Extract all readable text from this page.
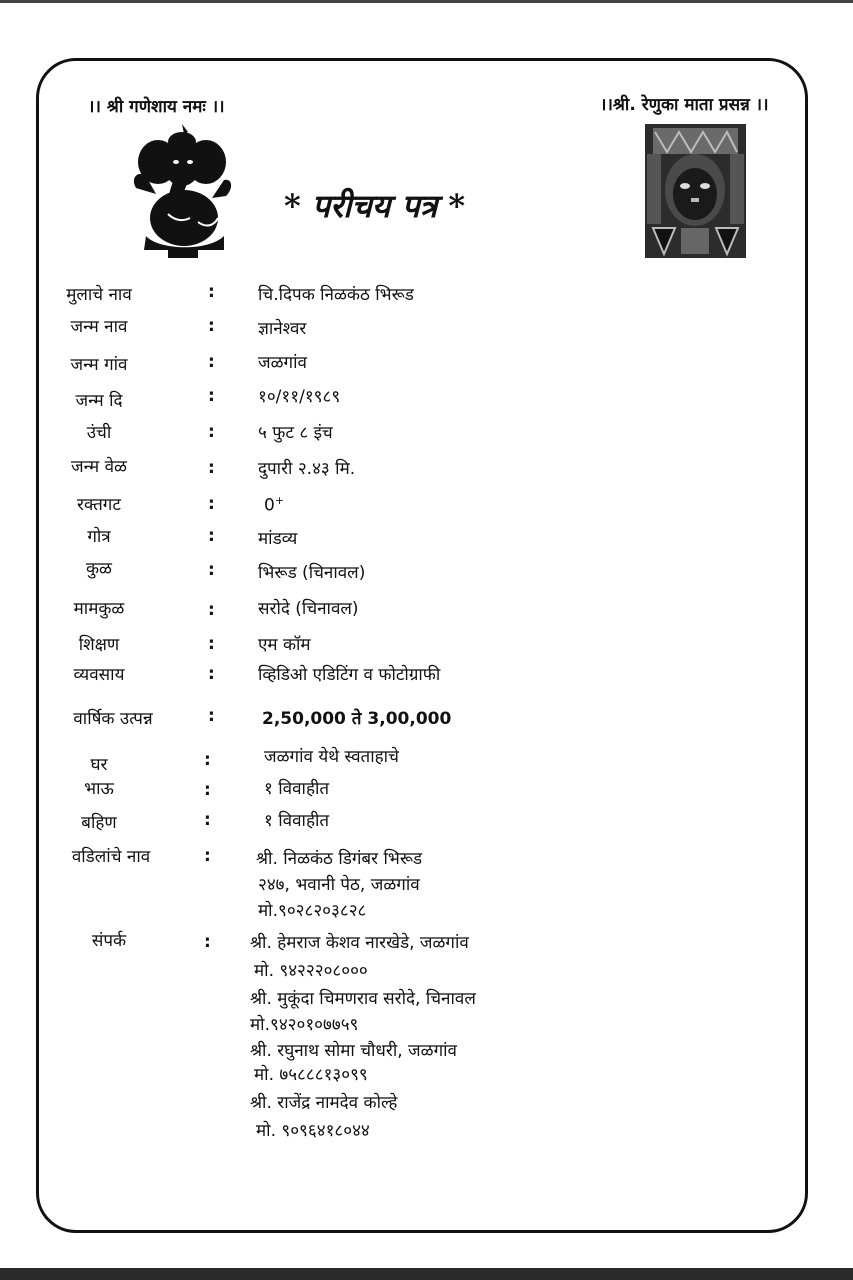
।। श्री गणेशाय नमः ।।	।।श्री. रेणुका माता प्रसन्न ।।
* परीचय पत्र *
मुलाचे नाव	:	चि.दिपक निळकंठ भिरूड
जन्म नाव	:	ज्ञानेश्वर
जन्म गांव	:	जळगांव
जन्म दि	:	१०/११/१९८९
उंची	:	५ फुट ८ इंच
जन्म वेळ	:	दुपारी २.४३ मि.
रक्तगट	:	0+
गोत्र	:	मांडव्य
कुळ	:	भिरूड (चिनावल)
मामकुळ	:	सरोदे (चिनावल)
शिक्षण	:	एम कॉम
व्यवसाय	:	व्हिडिओ एडिटिंग व फोटोग्राफी
वार्षिक उत्पन्न	:	2,50,000 ते 3,00,000
घर	:	जळगांव येथे स्वताहाचे
भाऊ	:	१ विवाहीत
बहिण	:	१ विवाहीत
वडिलांचे नाव	:	श्री. निळकंठ डिगंबर भिरूड
२४७, भवानी पेठ, जळगांव
मो.९०२८२०३८२८
संपर्क	: श्री. हेमराज केशव नारखेडे, जळगांव
मो. ९४२२२०८०००
श्री. मुकूंदा चिमणराव सरोदे, चिनावल
मो.९४२०१०७७५९
श्री. रघुनाथ सोमा चौधरी, जळगांव
मो. ७५८८८१३०९९
श्री. राजेंद्र नामदेव कोल्हे
मो. ९०९६४१८०४४
